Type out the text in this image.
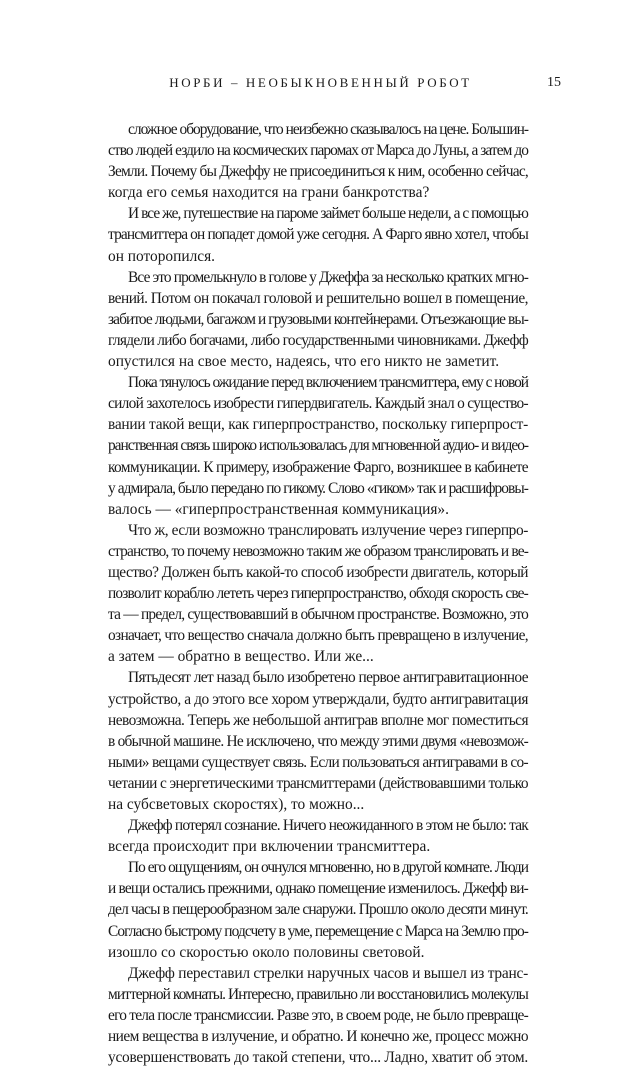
НОРБИ – НЕОБЫКНОВЕННЫЙ РОБОТ	15
сложное оборудование, что неизбежно сказывалось на цене. Большин-
ство людей ездило на космических паромах от Марса до Луны, а затем до
Земли. Почему бы Джеффу не присоединиться к ним, особенно сейчас,
когда его семья находится на грани банкротства?
И все же, путешествие на пароме займет больше недели, а с помощью
трансмиттера он попадет домой уже сегодня. А Фарго явно хотел, чтобы
он поторопился.
Все это промелькнуло в голове у Джеффа за несколько кратких мгно-
вений. Потом он покачал головой и решительно вошел в помещение,
забитое людьми, багажом и грузовыми контейнерами. Отъезжающие вы-
глядели либо богачами, либо государственными чиновниками. Джефф
опустился на свое место, надеясь, что его никто не заметит.
Пока тянулось ожидание перед включением трансмиттера, ему с новой
силой захотелось изобрести гипердвигатель. Каждый знал о существо-
вании такой вещи, как гиперпространство, поскольку гиперпрост-
ранственная связь широко использовалась для мгновенной аудио- и видео-
коммуникации. К примеру, изображение Фарго, возникшее в кабинете
у адмирала, было передано по гикому. Слово «гиком» так и расшифровы-
валось — «гиперпространственная коммуникация».
Что ж, если возможно транслировать излучение через гиперпро-
странство, то почему невозможно таким же образом транслировать и ве-
щество? Должен быть какой-то способ изобрести двигатель, который
позволит кораблю лететь через гиперпространство, обходя скорость све-
та — предел, существовавший в обычном пространстве. Возможно, это
означает, что вещество сначала должно быть превращено в излучение,
а затем — обратно в вещество. Или же...
Пятьдесят лет назад было изобретено первое антигравитационное
устройство, а до этого все хором утверждали, будто антигравитация
невозможна. Теперь же небольшой антиграв вполне мог поместиться
в обычной машине. Не исключено, что между этими двумя «невозмож-
ными» вещами существует связь. Если пользоваться антигравами в со-
четании с энергетическими трансмиттерами (действовавшими только
на субсветовых скоростях), то можно...
Джефф потерял сознание. Ничего неожиданного в этом не было: так
всегда происходит при включении трансмиттера.
По его ощущениям, он очнулся мгновенно, но в другой комнате. Люди
и вещи остались прежними, однако помещение изменилось. Джефф ви-
дел часы в пещерообразном зале снаружи. Прошло около десяти минут.
Согласно быстрому подсчету в уме, перемещение с Марса на Землю про-
изошло со скоростью около половины световой.
Джефф переставил стрелки наручных часов и вышел из транс-
миттерной комнаты. Интересно, правильно ли восстановились молекулы
его тела после трансмиссии. Разве это, в своем роде, не было превраще-
нием вещества в излучение, и обратно. И конечно же, процесс можно
усовершенствовать до такой степени, что... Ладно, хватит об этом.
